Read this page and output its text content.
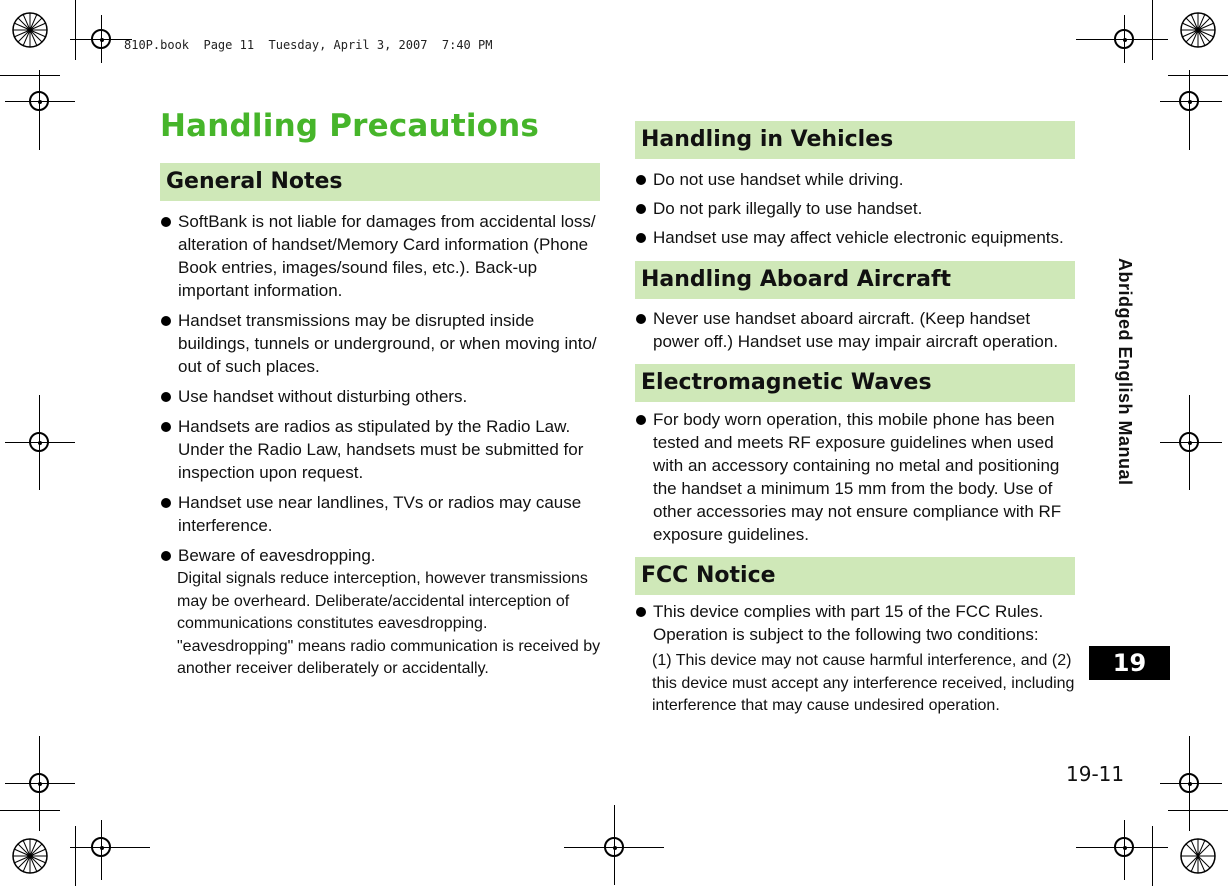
810P.book  Page 11  Tuesday, April 3, 2007  7:40 PM
Handling Precautions
General Notes
SoftBank is not liable for damages from accidental loss/ alteration of handset/Memory Card information (Phone Book entries, images/sound files, etc.). Back-up important information.
Handset transmissions may be disrupted inside buildings, tunnels or underground, or when moving into/ out of such places.
Use handset without disturbing others.
Handsets are radios as stipulated by the Radio Law. Under the Radio Law, handsets must be submitted for inspection upon request.
Handset use near landlines, TVs or radios may cause interference.
Beware of eavesdropping.
Digital signals reduce interception, however transmissions may be overheard. Deliberate/accidental interception of communications constitutes eavesdropping. "eavesdropping" means radio communication is received by another receiver deliberately or accidentally.
Handling in Vehicles
Do not use handset while driving.
Do not park illegally to use handset.
Handset use may affect vehicle electronic equipments.
Handling Aboard Aircraft
Never use handset aboard aircraft. (Keep handset power off.) Handset use may impair aircraft operation.
Electromagnetic Waves
For body worn operation, this mobile phone has been tested and meets RF exposure guidelines when used with an accessory containing no metal and positioning the handset a minimum 15 mm from the body. Use of other accessories may not ensure compliance with RF exposure guidelines.
FCC Notice
This device complies with part 15 of the FCC Rules. Operation is subject to the following two conditions:
(1) This device may not cause harmful interference, and (2) this device must accept any interference received, including interference that may cause undesired operation.
Abridged English Manual
19
19-11
